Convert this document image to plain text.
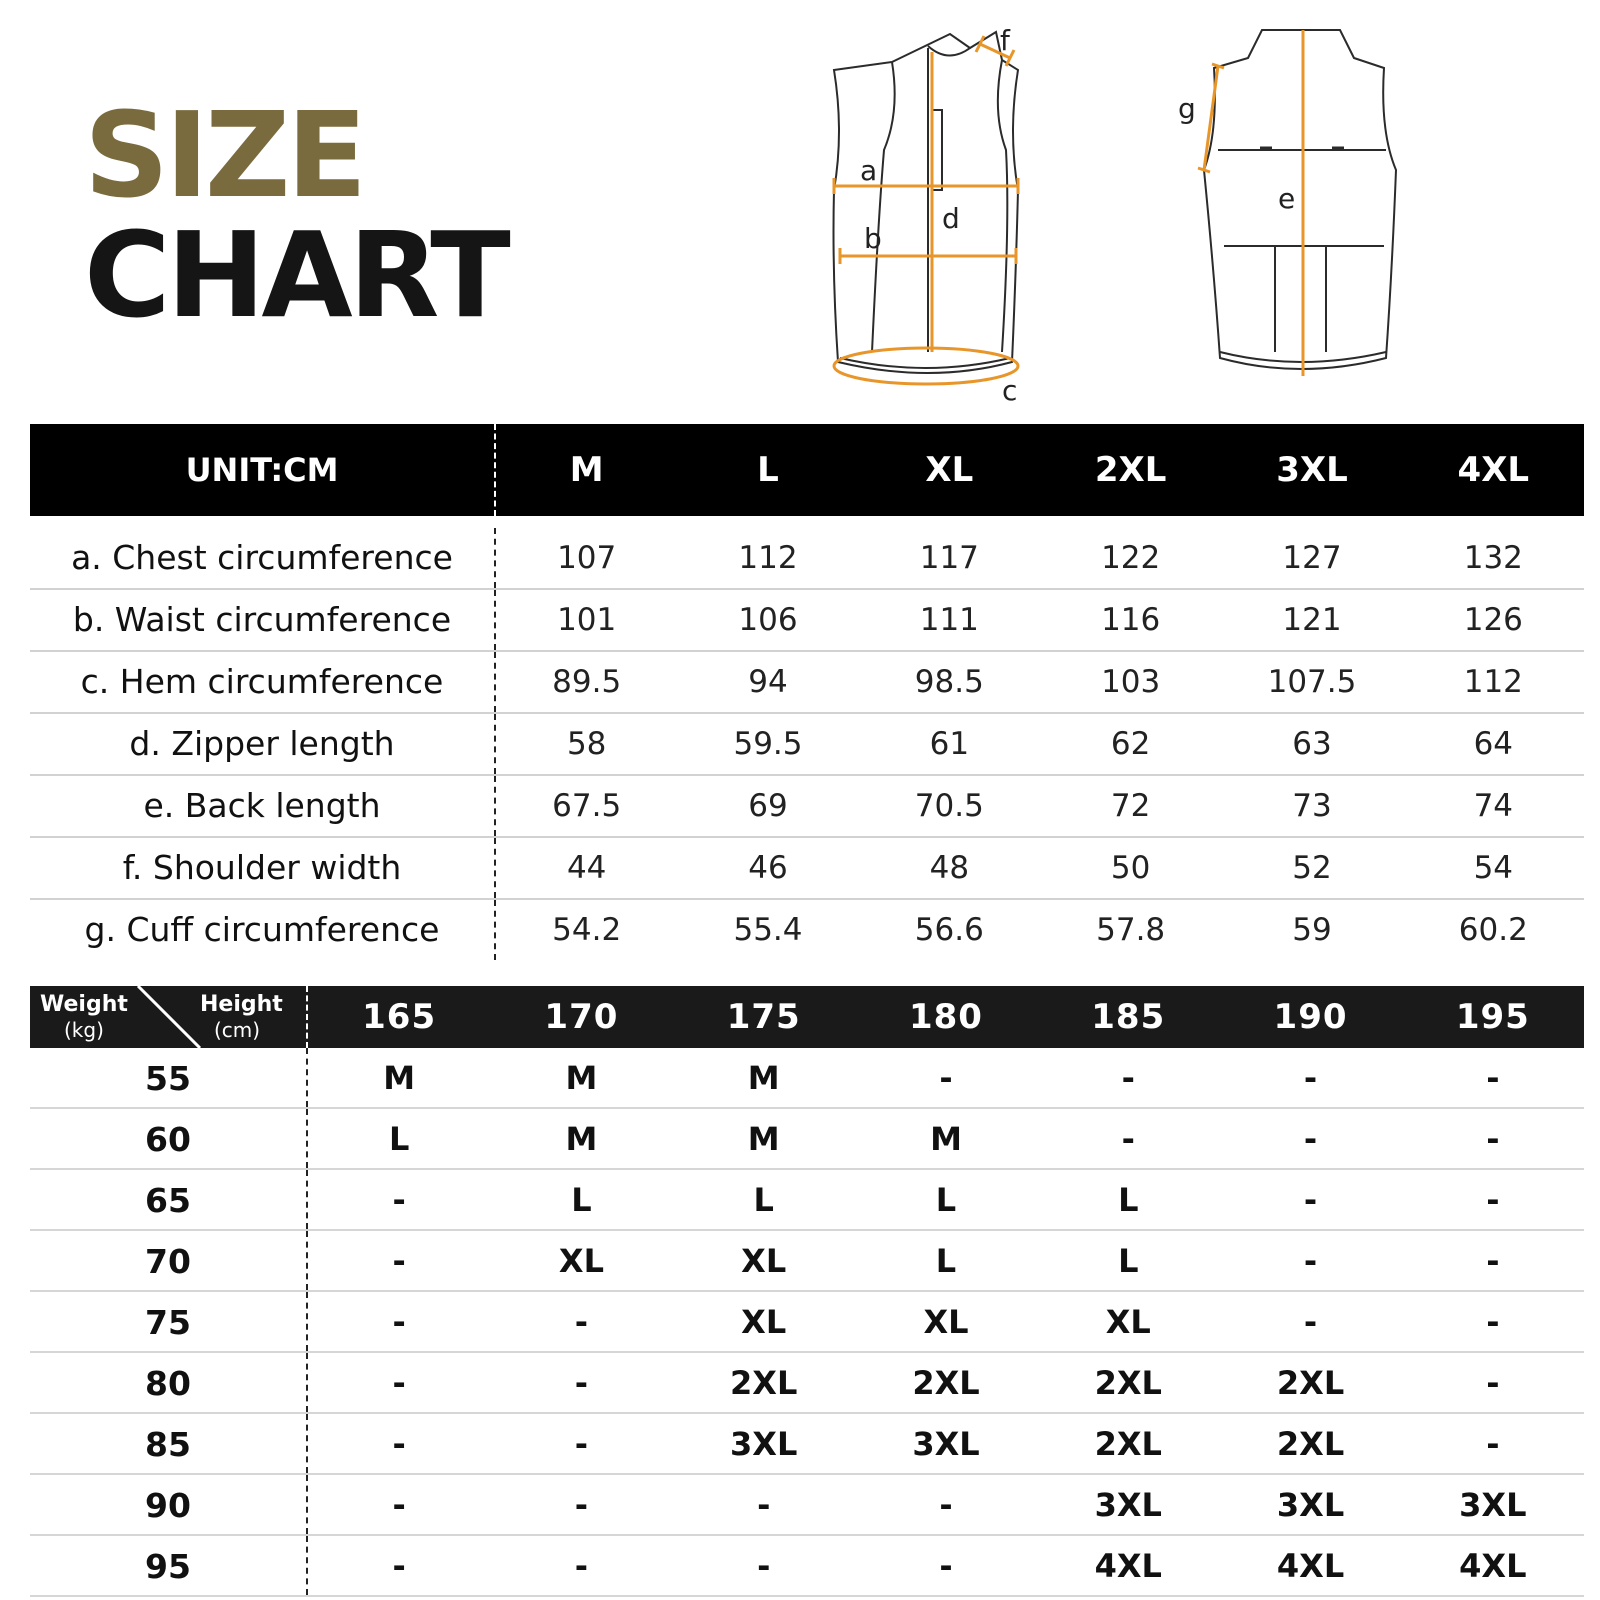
SIZE
CHART
a
b
c
d
e
f
g
UNIT:CM	M	L	XL	2XL	3XL	4XL
a. Chest circumference	107	112	117	122	127	132
b. Waist circumference	101	106	111	116	121	126
c. Hem circumference	89.5	94	98.5	103	107.5	112
d. Zipper length	58	59.5	61	62	63	64
e. Back length	67.5	69	70.5	72	73	74
f. Shoulder width	44	46	48	50	52	54
g. Cuff circumference	54.2	55.4	56.6	57.8	59	60.2
Weight
(kg)
Height
(cm)	165	170	175	180	185	190	195
55	M	M	M	-	-	-	-
60	L	M	M	M	-	-	-
65	-	L	L	L	L	-	-
70	-	XL	XL	L	L	-	-
75	-	-	XL	XL	XL	-	-
80	-	-	2XL	2XL	2XL	2XL	-
85	-	-	3XL	3XL	2XL	2XL	-
90	-	-	-	-	3XL	3XL	3XL
95	-	-	-	-	4XL	4XL	4XL
